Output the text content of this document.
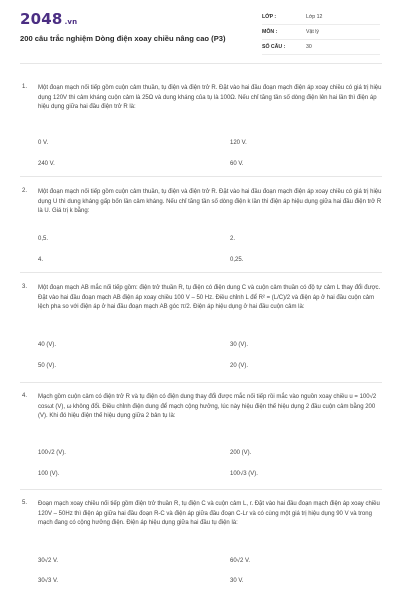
2048 .vn
200 câu trắc nghiệm Dòng điện xoay chiều nâng cao (P3)
LỚP :	Lớp 12
MÔN :	Vật lý
SỐ CÂU :	30
1. Một đoạn mạch nối tiếp gồm cuộn cảm thuần, tụ điện và điện trở R. Đặt vào hai đầu đoạn mạch điện áp xoay chiều có giá trị hiệu dụng 120V thì cảm kháng cuộn cảm là 25Ω và dung kháng của tụ là 100Ω. Nếu chỉ tăng tần số dòng điện lên hai lần thì điện áp hiệu dụng giữa hai đầu điện trở R là:
0 V.	120 V.
240 V.	60 V.
2. Một đoạn mạch nối tiếp gồm cuộn cảm thuần, tụ điện và điện trở R. Đặt vào hai đầu đoạn mạch điện áp xoay chiều có giá trị hiệu dụng U thì dung kháng gấp bốn lần cảm kháng. Nếu chỉ tăng tần số dòng điện k lần thì điện áp hiệu dụng giữa hai đầu điện trở R là U. Giá trị k bằng:
0,5.	2.
4.	0,25.
3. Một đoạn mạch AB mắc nối tiếp gồm: điện trở thuần R, tụ điện có điện dung C và cuộn cảm thuần có độ tự cảm L thay đổi được. Đặt vào hai đầu đoạn mạch AB điện áp xoay chiều 100 V – 50 Hz. Điều chỉnh L để R² = (L/C)/2 và điện áp ở hai đầu cuộn cảm lệch pha so với điện áp ở hai đầu đoạn mạch AB góc π/2. Điện áp hiệu dụng ở hai đầu cuộn cảm là:
40 (V).	30 (V).
50 (V).	20 (V).
4. Mạch gồm cuộn cảm có điện trở R và tụ điện có điện dung thay đổi được mắc nối tiếp rồi mắc vào nguồn xoay chiều u = 100√2 cosωt (V), ω không đổi. Điều chỉnh điện dung để mạch cộng hưởng, lúc này hiệu điện thế hiệu dụng 2 đầu cuộn cảm bằng 200 (V). Khi đó hiệu điện thế hiệu dụng giữa 2 bản tụ là:
100√2 (V).	200 (V).
100 (V).	100√3 (V).
5. Đoạn mạch xoay chiều nối tiếp gồm điện trở thuần R, tụ điện C và cuộn cảm L, r. Đặt vào hai đầu đoạn mạch điện áp xoay chiều 120V – 50Hz thì điện áp giữa hai đầu đoạn R-C và điện áp giữa đầu đoạn C-Lr và có cùng một giá trị hiệu dụng 90 V và trong mạch đang có cộng hưởng điện. Điện áp hiệu dụng giữa hai đầu tụ điện là:
30√2 V.	60√2 V.
30√3 V.	30 V.
